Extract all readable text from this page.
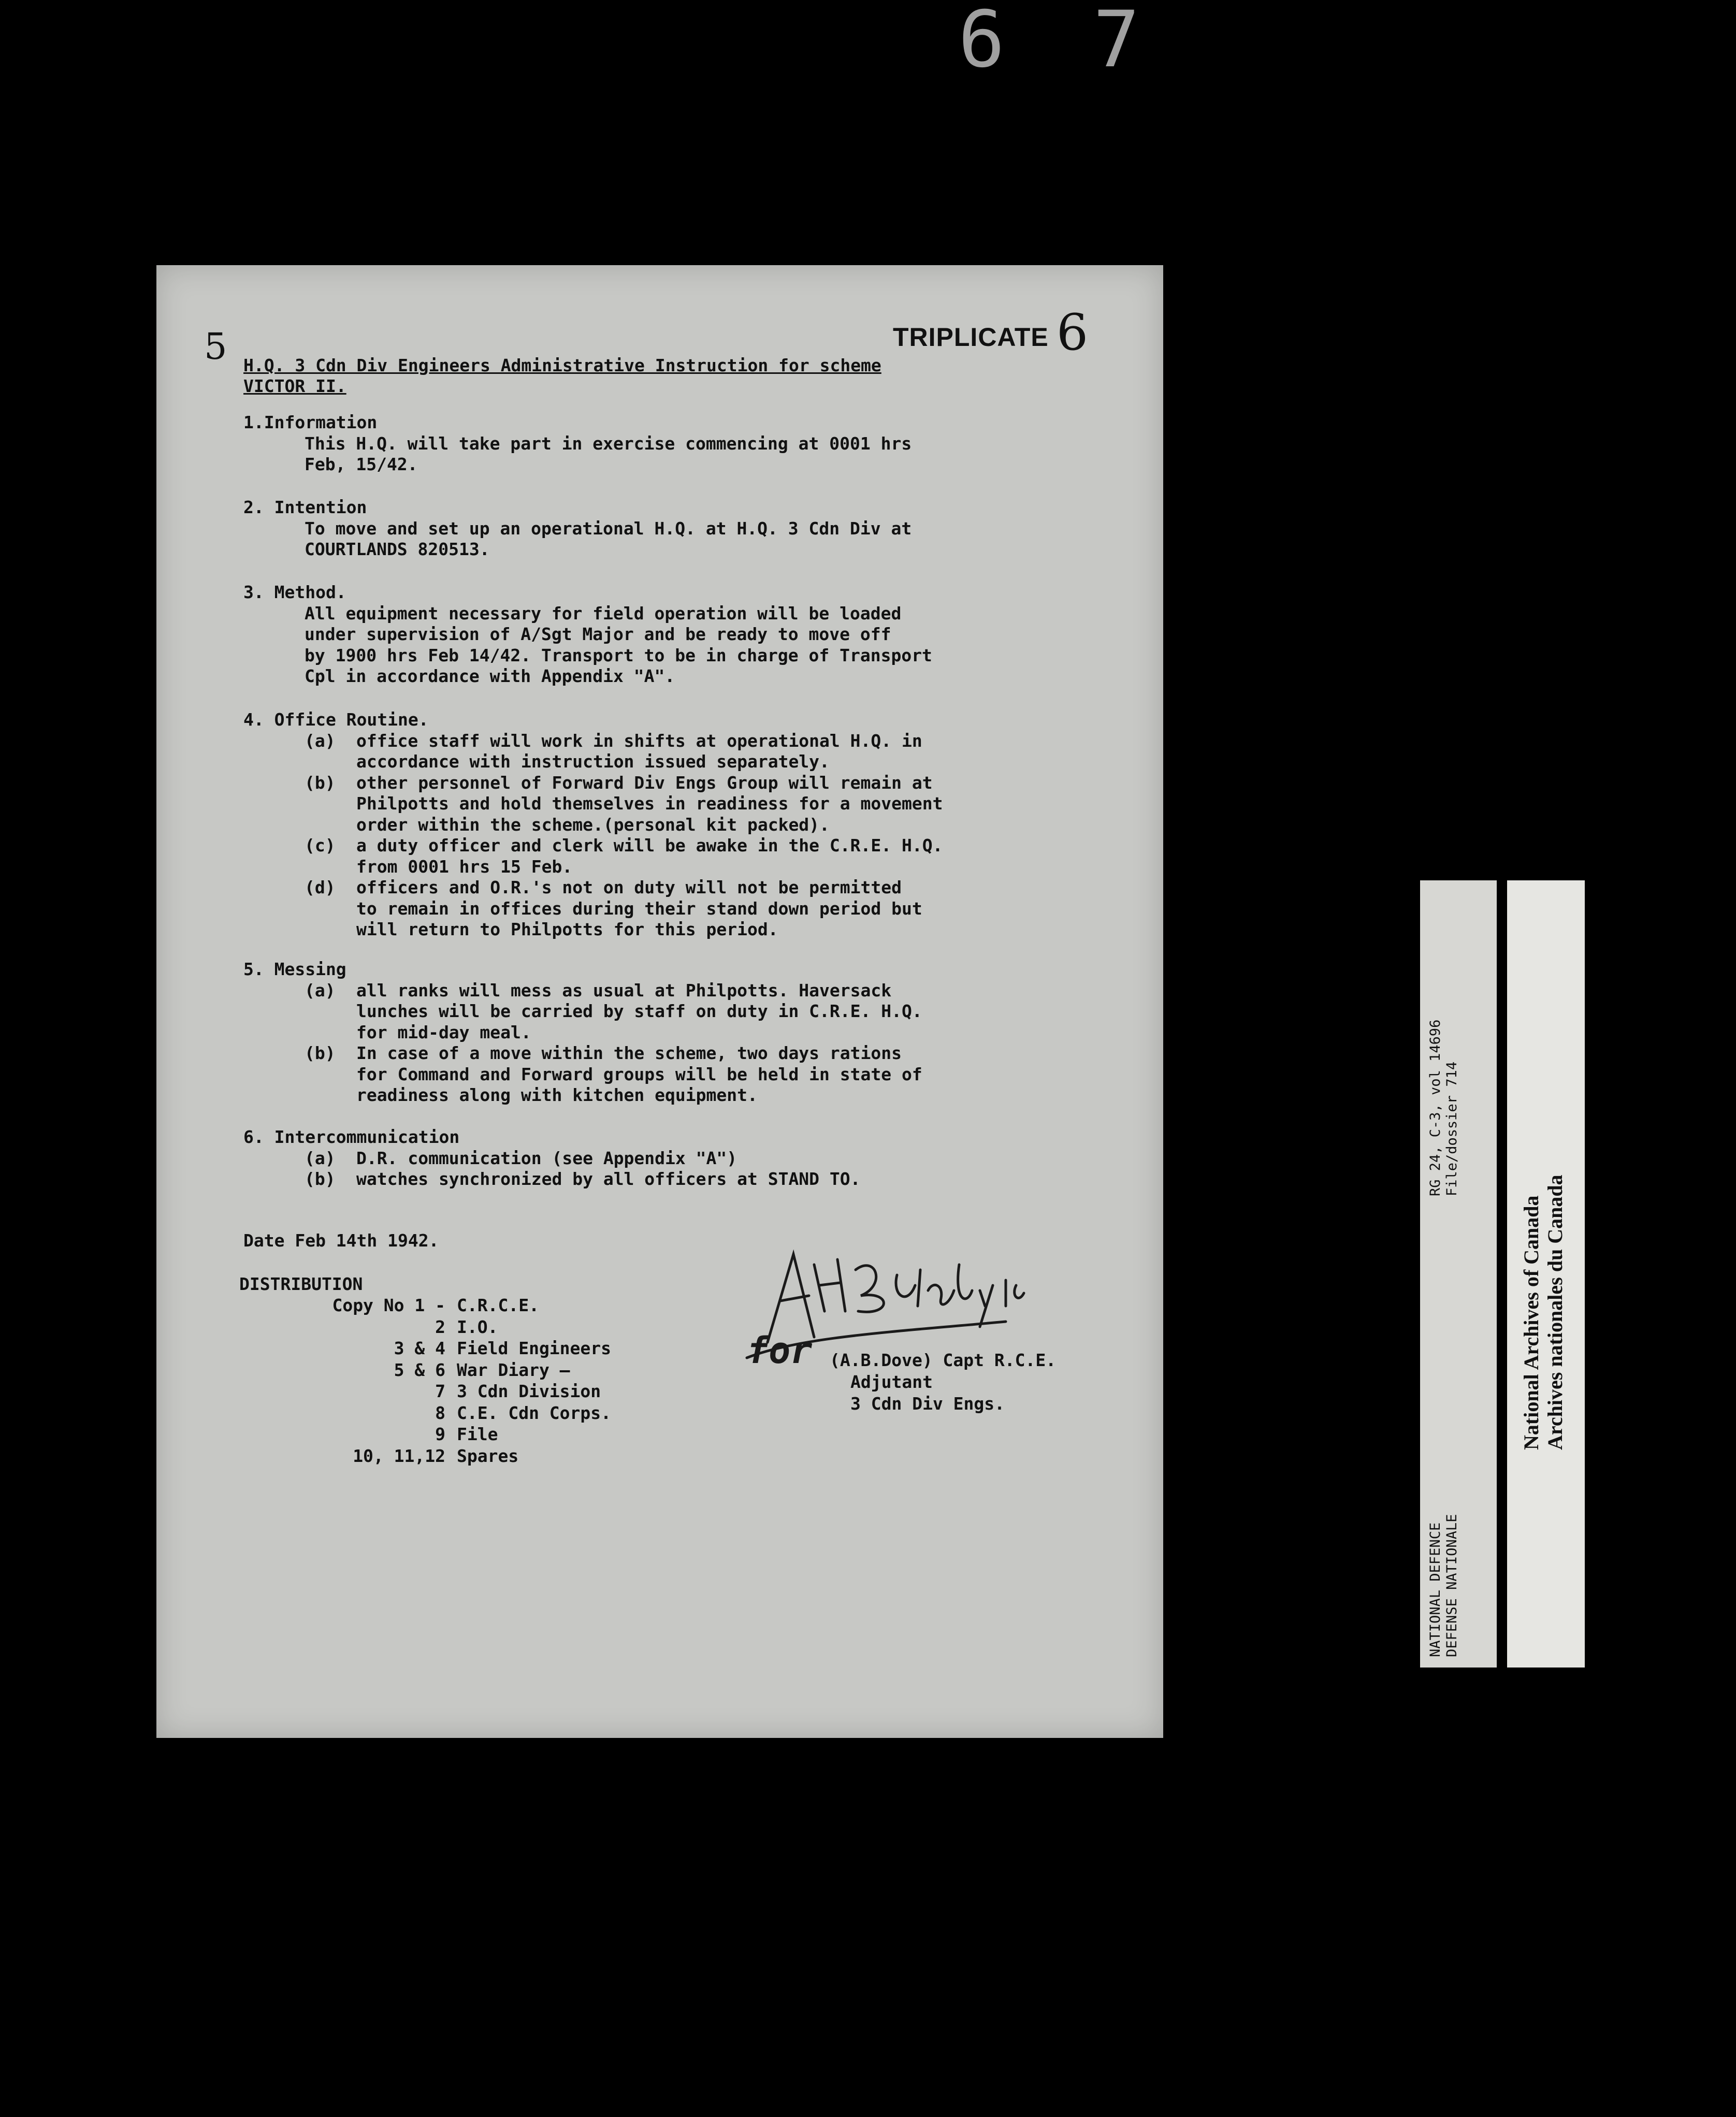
6 7
5	TRIPLICATE 6
H.Q. 3 Cdn Div Engineers Administrative Instruction for scheme
VICTOR II.
1.Information
This H.Q. will take part in exercise commencing at 0001 hrs
Feb, 15/42.
2. Intention
To move and set up an operational H.Q. at H.Q. 3 Cdn Div at
COURTLANDS 820513.
3. Method.
All equipment necessary for field operation will be loaded
under supervision of A/Sgt Major and be ready to move off
by 1900 hrs Feb 14/42. Transport to be in charge of Transport
Cpl in accordance with Appendix "A".
4. Office Routine.
(a)	office staff will work in shifts at operational H.Q. in
accordance with instruction issued separately.
(b)	other personnel of Forward Div Engs Group will remain at
Philpotts and hold themselves in readiness for a movement
order within the scheme.(personal kit packed).
(c)	a duty officer and clerk will be awake in the C.R.E. H.Q.
from 0001 hrs 15 Feb.
(d)	officers and O.R.'s not on duty will not be permitted
to remain in offices during their stand down period but
will return to Philpotts for this period.
5. Messing
(a)	all ranks will mess as usual at Philpotts. Haversack
lunches will be carried by staff on duty in C.R.E. H.Q.
for mid-day meal.
(b)	In case of a move within the scheme, two days rations
for Command and Forward groups will be held in state of
readiness along with kitchen equipment.
6. Intercommunication
(a)	D.R. communication (see Appendix "A")
(b)	watches synchronized by all officers at STAND TO.
Date Feb 14th 1942.
DISTRIBUTION
Copy No 1 - C.R.C.E.
2 I.O.
3 & 4 Field Engineers
5 & 6 War Diary —
7 3 Cdn Division
8 C.E. Cdn Corps.
9 File
10, 11,12 Spares
for (A.B.Dove) Capt R.C.E.
Adjutant
3 Cdn Div Engs.
NATIONAL DEFENCE DEFENSE NATIONALE
RG 24, C-3, vol 14696 File/dossier 714
National Archives of Canada Archives nationales du Canada
